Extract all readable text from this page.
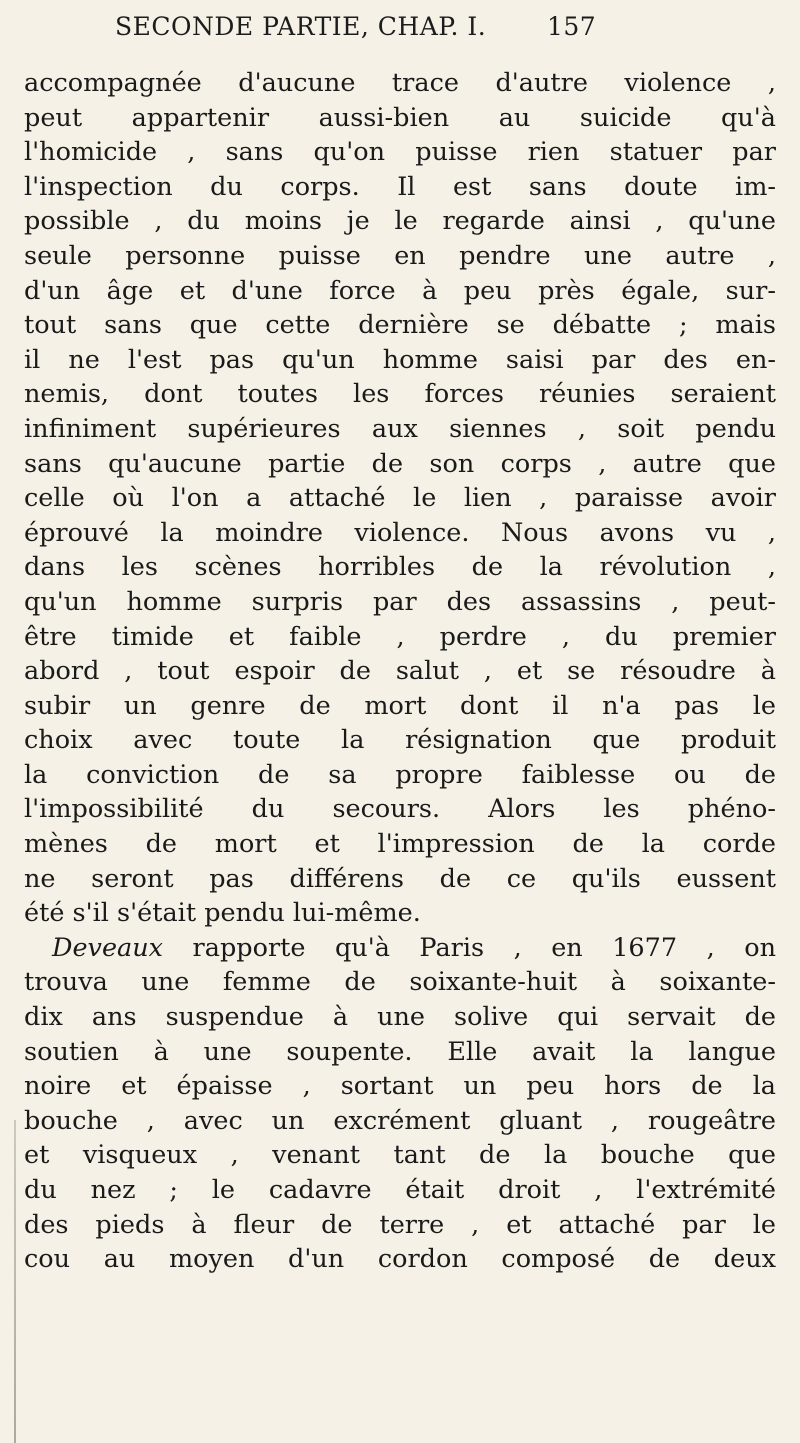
SECONDE PARTIE, CHAP. I. 157
accompagnée d'aucune trace d'autre violence ,
peut appartenir aussi-bien au suicide qu'à
l'homicide , sans qu'on puisse rien statuer par
l'inspection du corps. Il est sans doute im-
possible , du moins je le regarde ainsi , qu'une
seule personne puisse en pendre une autre ,
d'un âge et d'une force à peu près égale, sur-
tout sans que cette dernière se débatte ; mais
il ne l'est pas qu'un homme saisi par des en-
nemis, dont toutes les forces réunies seraient
infiniment supérieures aux siennes , soit pendu
sans qu'aucune partie de son corps , autre que
celle où l'on a attaché le lien , paraisse avoir
éprouvé la moindre violence. Nous avons vu ,
dans les scènes horribles de la révolution ,
qu'un homme surpris par des assassins , peut-
être timide et faible , perdre , du premier
abord , tout espoir de salut , et se résoudre à
subir un genre de mort dont il n'a pas le
choix avec toute la résignation que produit
la conviction de sa propre faiblesse ou de
l'impossibilité du secours. Alors les phéno-
mènes de mort et l'impression de la corde
ne seront pas différens de ce qu'ils eussent
été s'il s'était pendu lui-même.
Deveaux rapporte qu'à Paris , en 1677 , on
trouva une femme de soixante-huit à soixante-
dix ans suspendue à une solive qui servait de
soutien à une soupente. Elle avait la langue
noire et épaisse , sortant un peu hors de la
bouche , avec un excrément gluant , rougeâtre
et visqueux , venant tant de la bouche que
du nez ; le cadavre était droit , l'extrémité
des pieds à fleur de terre , et attaché par le
cou au moyen d'un cordon composé de deux
